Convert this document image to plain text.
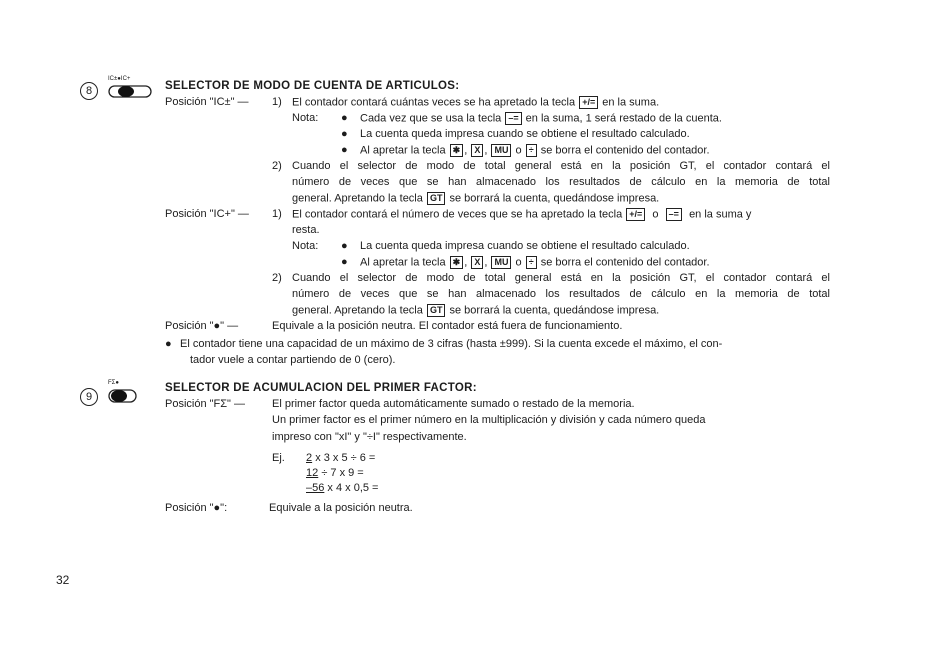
8
IC±●IC+
SELECTOR DE MODO DE CUENTA DE ARTICULOS:
Posición "IC±" — 1) El contador contará cuántas veces se ha apretado la tecla +/= en la suma.
Nota: ● Cada vez que se usa la tecla –= en la suma, 1 será restado de la cuenta.
● La cuenta queda impresa cuando se obtiene el resultado calculado.
● Al apretar la tecla ✱ , X , MU o ÷ se borra el contenido del contador.
2) Cuando el selector de modo de total general está en la posición GT, el contador contará el
número de veces que se han almacenado los resultados de cálculo en la memoria de total
general. Apretando la tecla GT se borrará la cuenta, quedándose impresa.
Posición "IC+" — 1) El contador contará el número de veces que se ha apretado la tecla +/= o –= en la suma y
resta.
Nota: ● La cuenta queda impresa cuando se obtiene el resultado calculado.
● Al apretar la tecla ✱ , X , MU o ÷ se borra el contenido del contador.
2) Cuando el selector de modo de total general está en la posición GT, el contador contará el
número de veces que se han almacenado los resultados de cálculo en la memoria de total
general. Apretando la tecla GT se borrará la cuenta, quedándose impresa.
Posición "●" —	Equivale a la posición neutra. El contador está fuera de funcionamiento.
● El contador tiene una capacidad de un máximo de 3 cifras (hasta ±999). Si la cuenta excede el máximo, el con-
tador vuele a contar partiendo de 0 (cero).
9
FΣ●	SELECTOR DE ACUMULACION DEL PRIMER FACTOR:
Posición "FΣ" — El primer factor queda automáticamente sumado o restado de la memoria.
Un primer factor es el primer número en la multiplicación y división y cada número queda
impreso con "xI" y "÷I" respectivamente.
Ej. 2 x 3 x 5 ÷ 6 =
12 ÷ 7 x 9 =
–56 x 4 x 0,5 =
Posición "●":	Equivale a la posición neutra.
32
